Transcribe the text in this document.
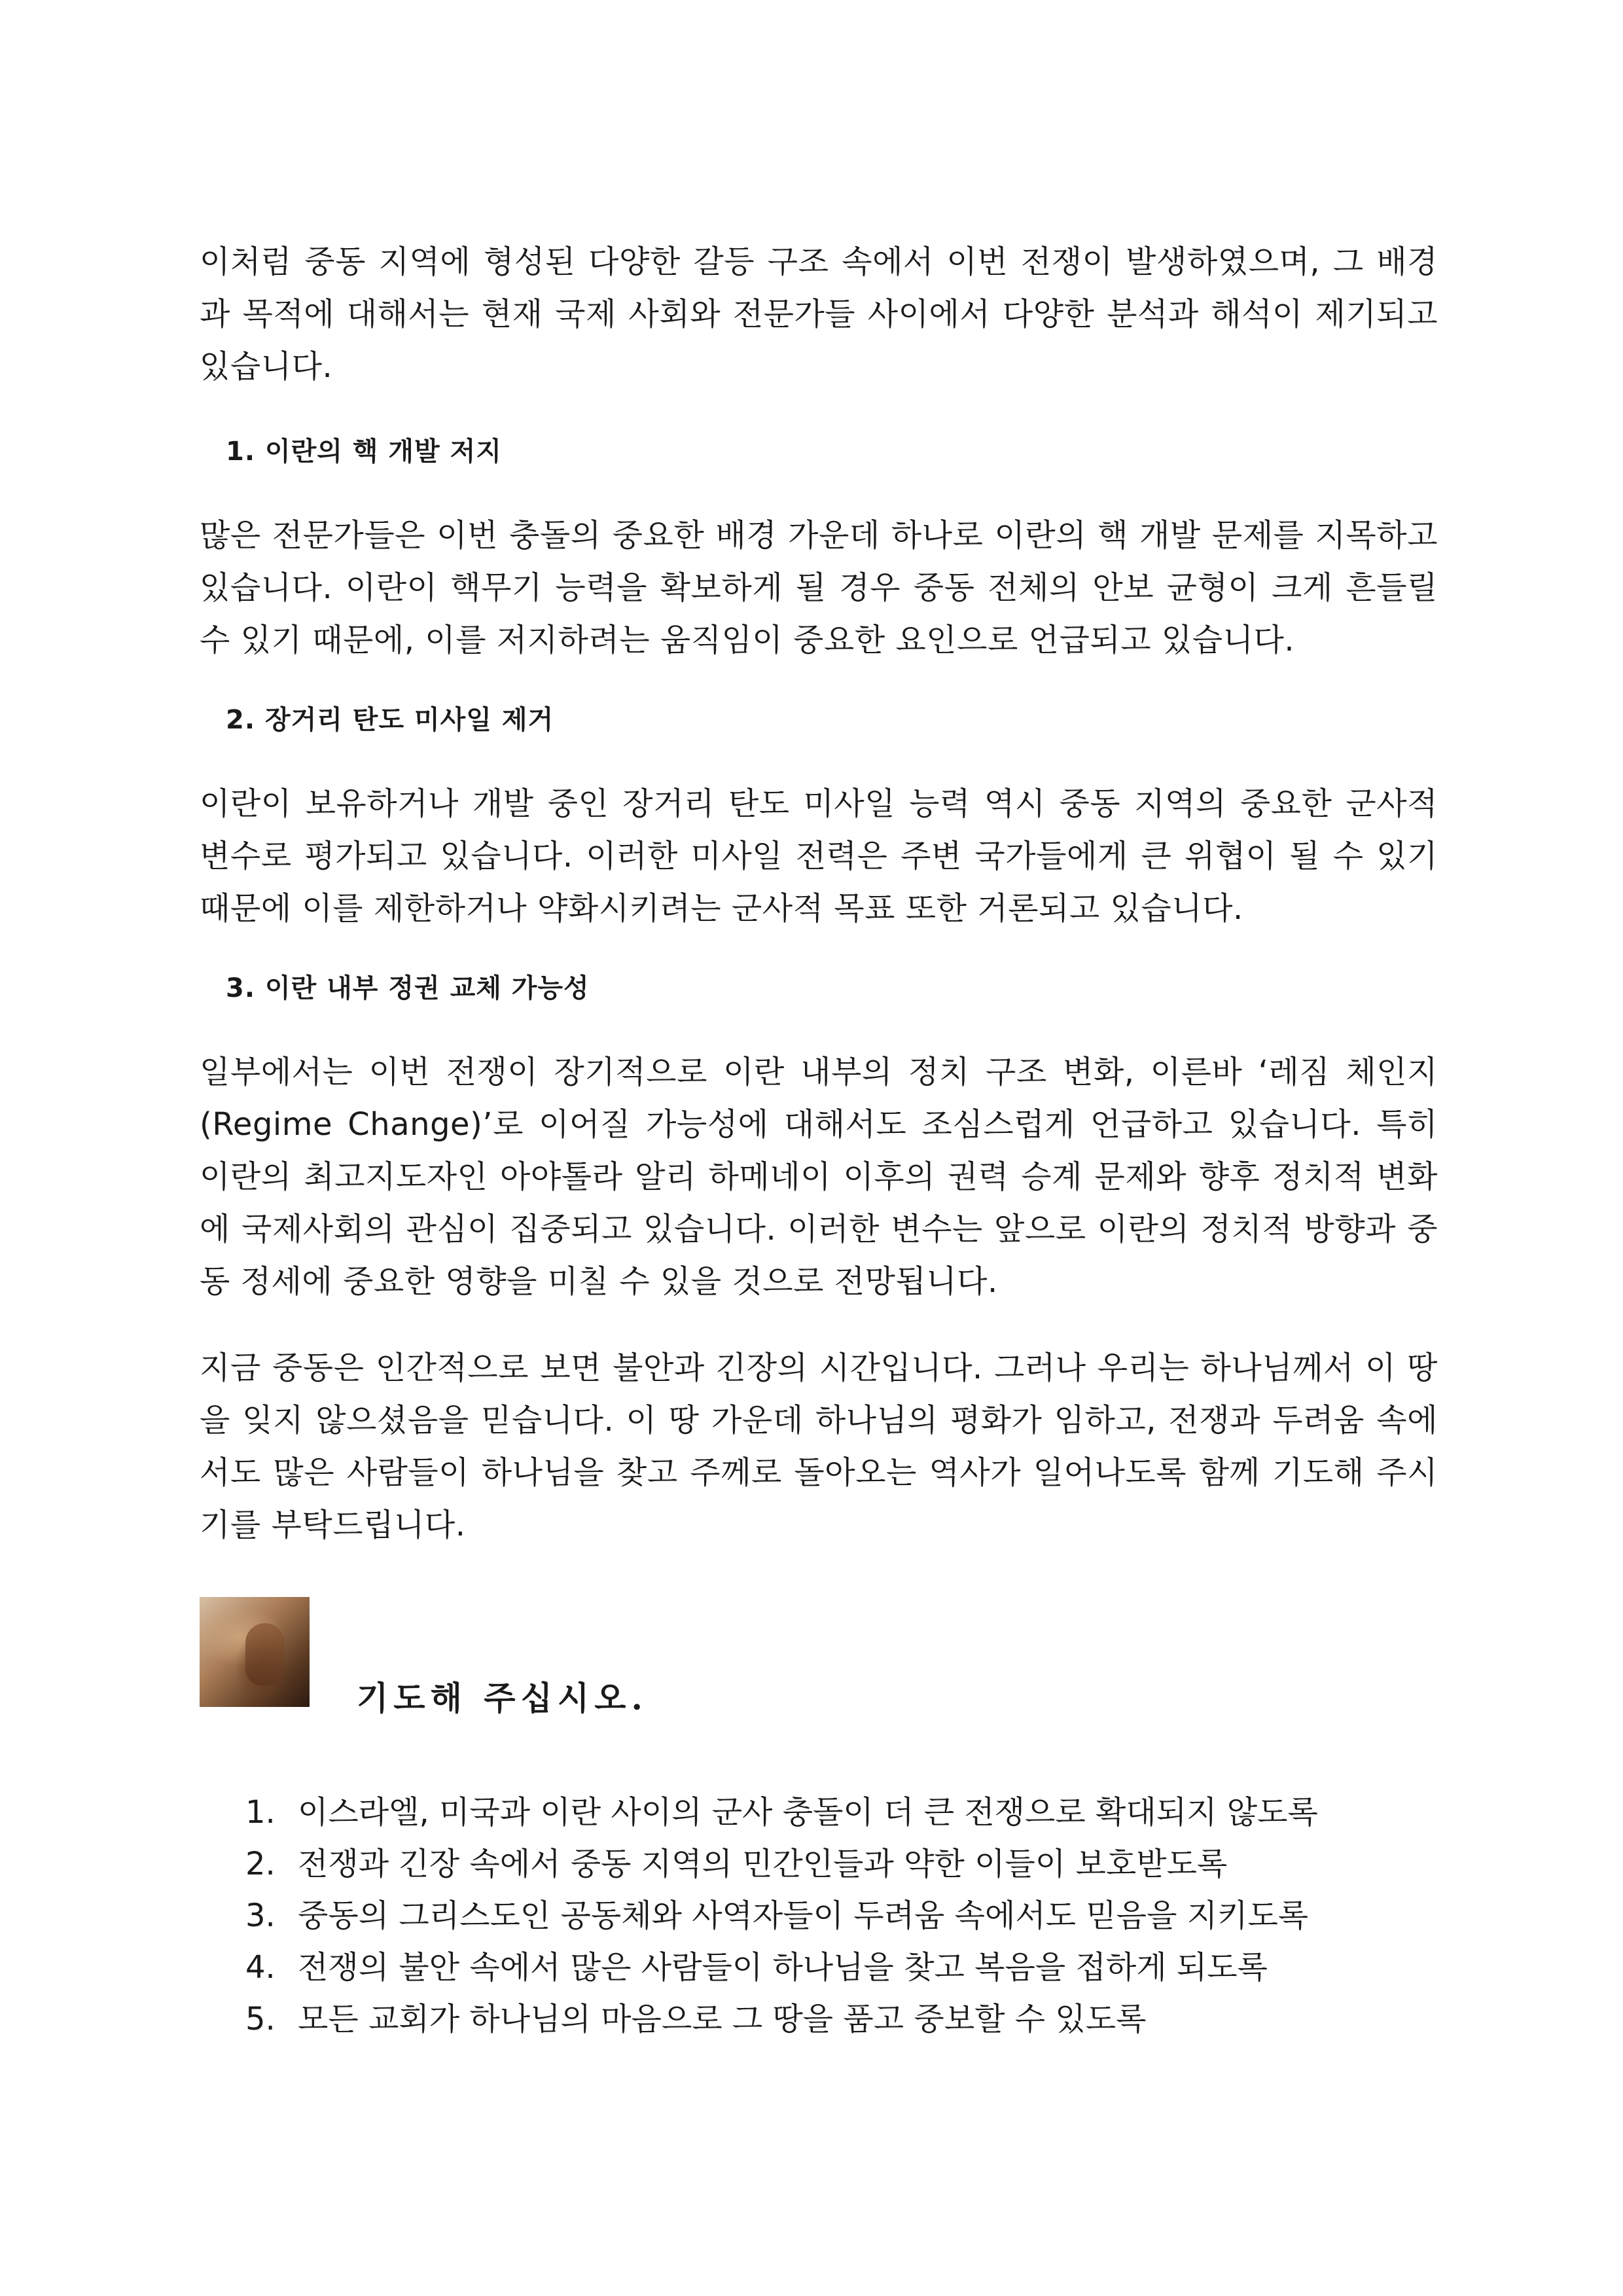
이처럼 중동 지역에 형성된 다양한 갈등 구조 속에서 이번 전쟁이 발생하였으며, 그 배경과 목적에 대해서는 현재 국제 사회와 전문가들 사이에서 다양한 분석과 해석이 제기되고 있습니다.

1. 이란의 핵 개발 저지

많은 전문가들은 이번 충돌의 중요한 배경 가운데 하나로 이란의 핵 개발 문제를 지목하고 있습니다. 이란이 핵무기 능력을 확보하게 될 경우 중동 전체의 안보 균형이 크게 흔들릴 수 있기 때문에, 이를 저지하려는 움직임이 중요한 요인으로 언급되고 있습니다.

2. 장거리 탄도 미사일 제거

이란이 보유하거나 개발 중인 장거리 탄도 미사일 능력 역시 중동 지역의 중요한 군사적 변수로 평가되고 있습니다. 이러한 미사일 전력은 주변 국가들에게 큰 위협이 될 수 있기 때문에 이를 제한하거나 약화시키려는 군사적 목표 또한 거론되고 있습니다.

3. 이란 내부 정권 교체 가능성

일부에서는 이번 전쟁이 장기적으로 이란 내부의 정치 구조 변화, 이른바 ‘레짐 체인지(Regime Change)’로 이어질 가능성에 대해서도 조심스럽게 언급하고 있습니다. 특히 이란의 최고지도자인 아야톨라 알리 하메네이 이후의 권력 승계 문제와 향후 정치적 변화에 국제사회의 관심이 집중되고 있습니다. 이러한 변수는 앞으로 이란의 정치적 방향과 중동 정세에 중요한 영향을 미칠 수 있을 것으로 전망됩니다.

지금 중동은 인간적으로 보면 불안과 긴장의 시간입니다. 그러나 우리는 하나님께서 이 땅을 잊지 않으셨음을 믿습니다. 이 땅 가운데 하나님의 평화가 임하고, 전쟁과 두려움 속에서도 많은 사람들이 하나님을 찾고 주께로 돌아오는 역사가 일어나도록 함께 기도해 주시기를 부탁드립니다.

기도해 주십시오.
1. 이스라엘, 미국과 이란 사이의 군사 충돌이 더 큰 전쟁으로 확대되지 않도록
2. 전쟁과 긴장 속에서 중동 지역의 민간인들과 약한 이들이 보호받도록
3. 중동의 그리스도인 공동체와 사역자들이 두려움 속에서도 믿음을 지키도록
4. 전쟁의 불안 속에서 많은 사람들이 하나님을 찾고 복음을 접하게 되도록
5. 모든 교회가 하나님의 마음으로 그 땅을 품고 중보할 수 있도록
